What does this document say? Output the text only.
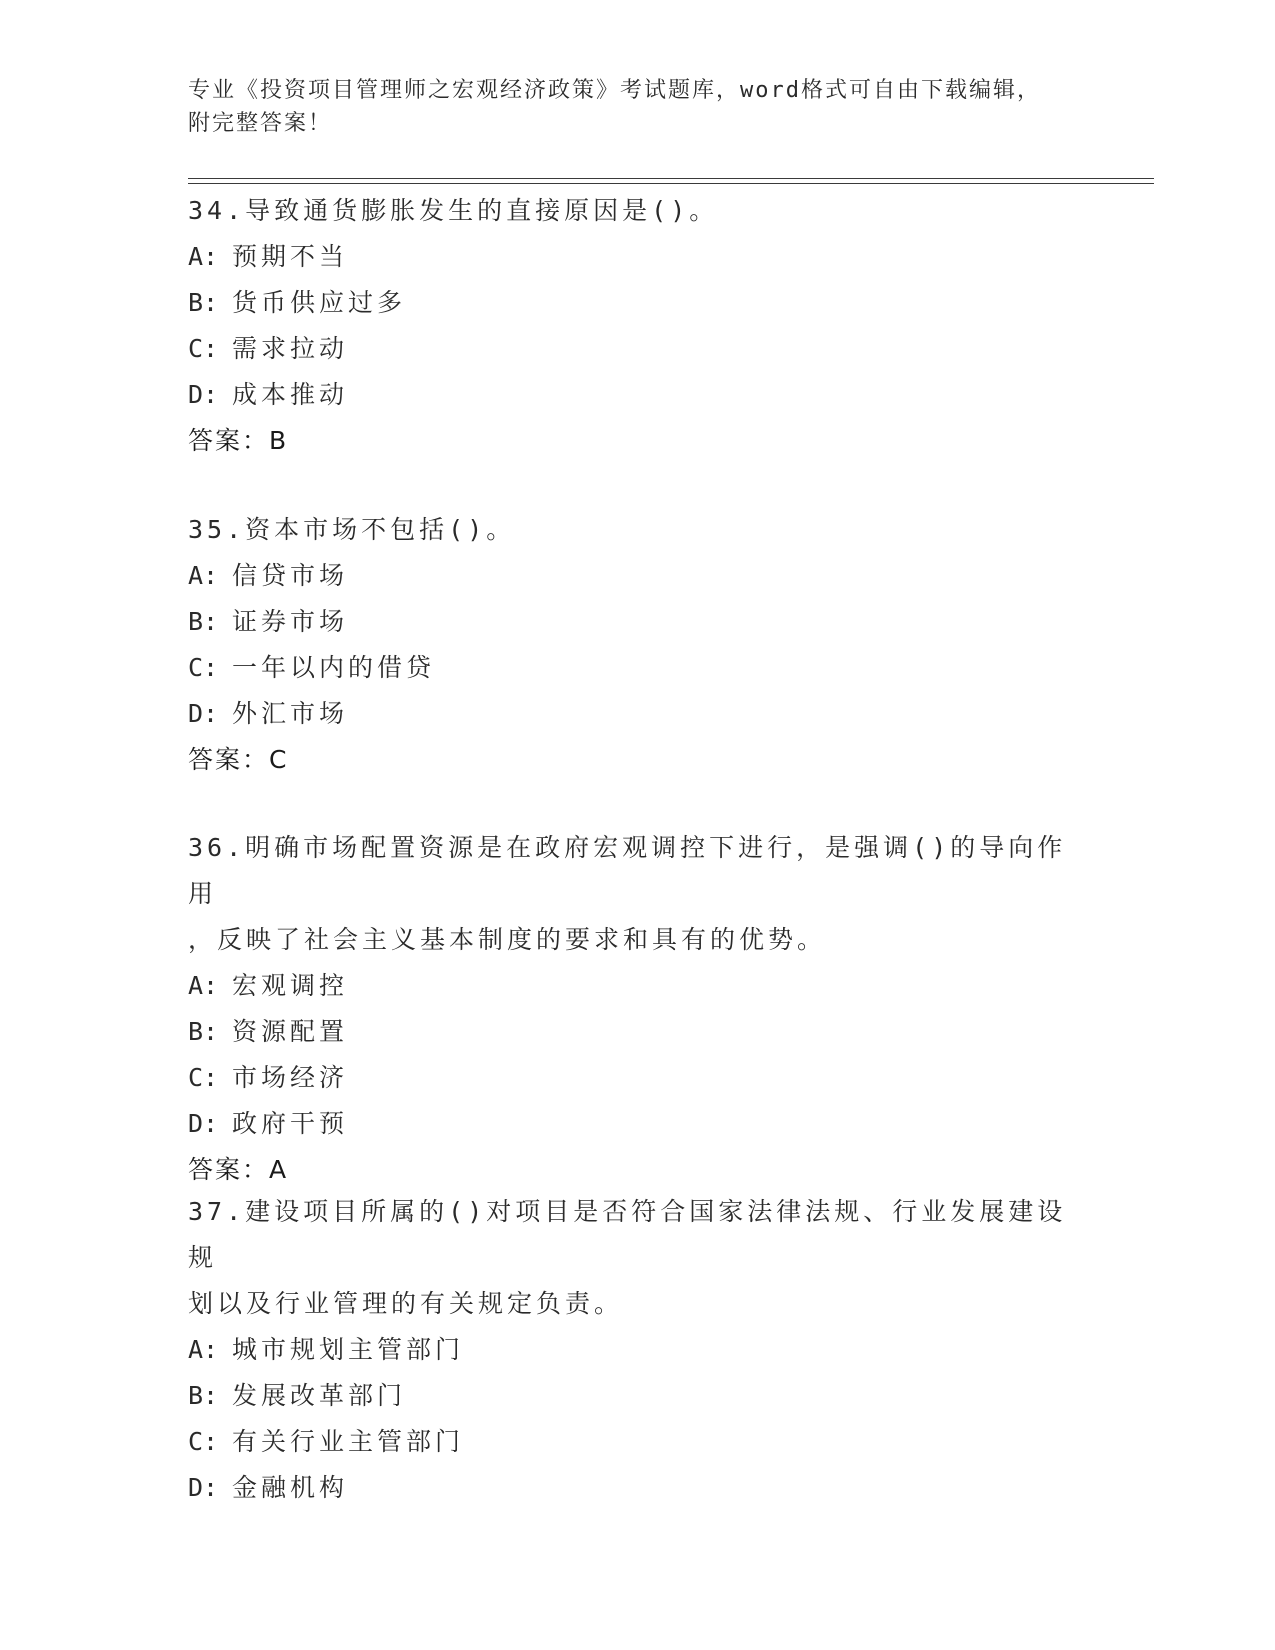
专业《投资项目管理师之宏观经济政策》考试题库，word格式可自由下载编辑，
附完整答案！

34.导致通货膨胀发生的直接原因是()。

A: 预期不当

B: 货币供应过多

C: 需求拉动

D: 成本推动

答案：B

35.资本市场不包括()。

A: 信贷市场

B: 证券市场

C: 一年以内的借贷

D: 外汇市场

答案：C

36.明确市场配置资源是在政府宏观调控下进行，是强调()的导向作用

，反映了社会主义基本制度的要求和具有的优势。

A: 宏观调控

B: 资源配置

C: 市场经济

D: 政府干预

答案：A

37.建设项目所属的()对项目是否符合国家法律法规、行业发展建设规

划以及行业管理的有关规定负责。

A: 城市规划主管部门

B: 发展改革部门

C: 有关行业主管部门

D: 金融机构
